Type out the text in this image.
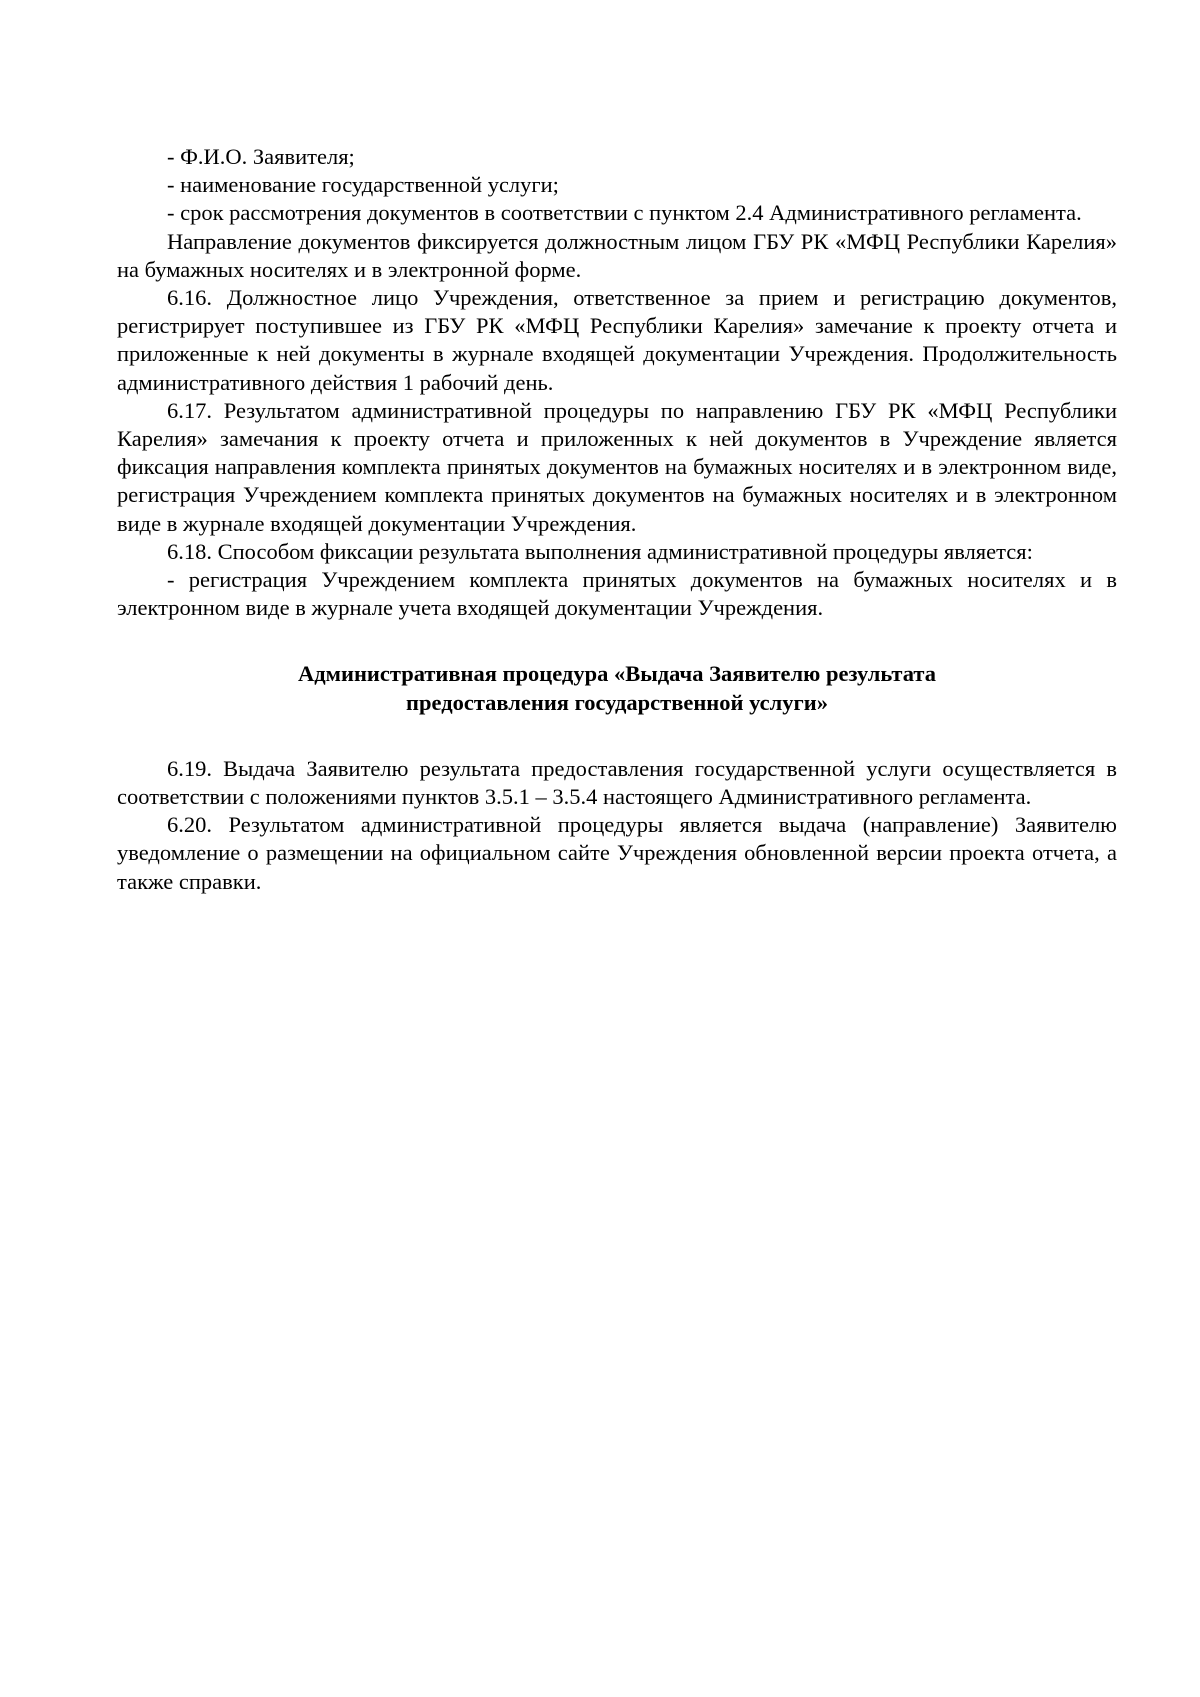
- Ф.И.О. Заявителя;

- наименование государственной услуги;

- срок рассмотрения документов в соответствии с пунктом 2.4 Административного регламента.

Направление документов фиксируется должностным лицом ГБУ РК «МФЦ Республики Карелия» на бумажных носителях и в электронной форме.

6.16. Должностное лицо Учреждения, ответственное за прием и регистрацию документов, регистрирует поступившее из ГБУ РК «МФЦ Республики Карелия» замечание к проекту отчета и приложенные к ней документы в журнале входящей документации Учреждения. Продолжительность административного действия 1 рабочий день.

6.17. Результатом административной процедуры по направлению ГБУ РК «МФЦ Республики Карелия» замечания к проекту отчета и приложенных к ней документов в Учреждение является фиксация направления комплекта принятых документов на бумажных носителях и в электронном виде, регистрация Учреждением комплекта принятых документов на бумажных носителях и в электронном виде в журнале входящей документации Учреждения.

6.18. Способом фиксации результата выполнения административной процедуры является:

- регистрация Учреждением комплекта принятых документов на бумажных носителях и в электронном виде в журнале учета входящей документации Учреждения.

Административная процедура «Выдача Заявителю результата
предоставления государственной услуги»

6.19. Выдача Заявителю результата предоставления государственной услуги осуществляется в соответствии с положениями пунктов 3.5.1 – 3.5.4 настоящего Административного регламента.

6.20. Результатом административной процедуры является выдача (направление) Заявителю уведомление о размещении на официальном сайте Учреждения обновленной версии проекта отчета, а также справки.
